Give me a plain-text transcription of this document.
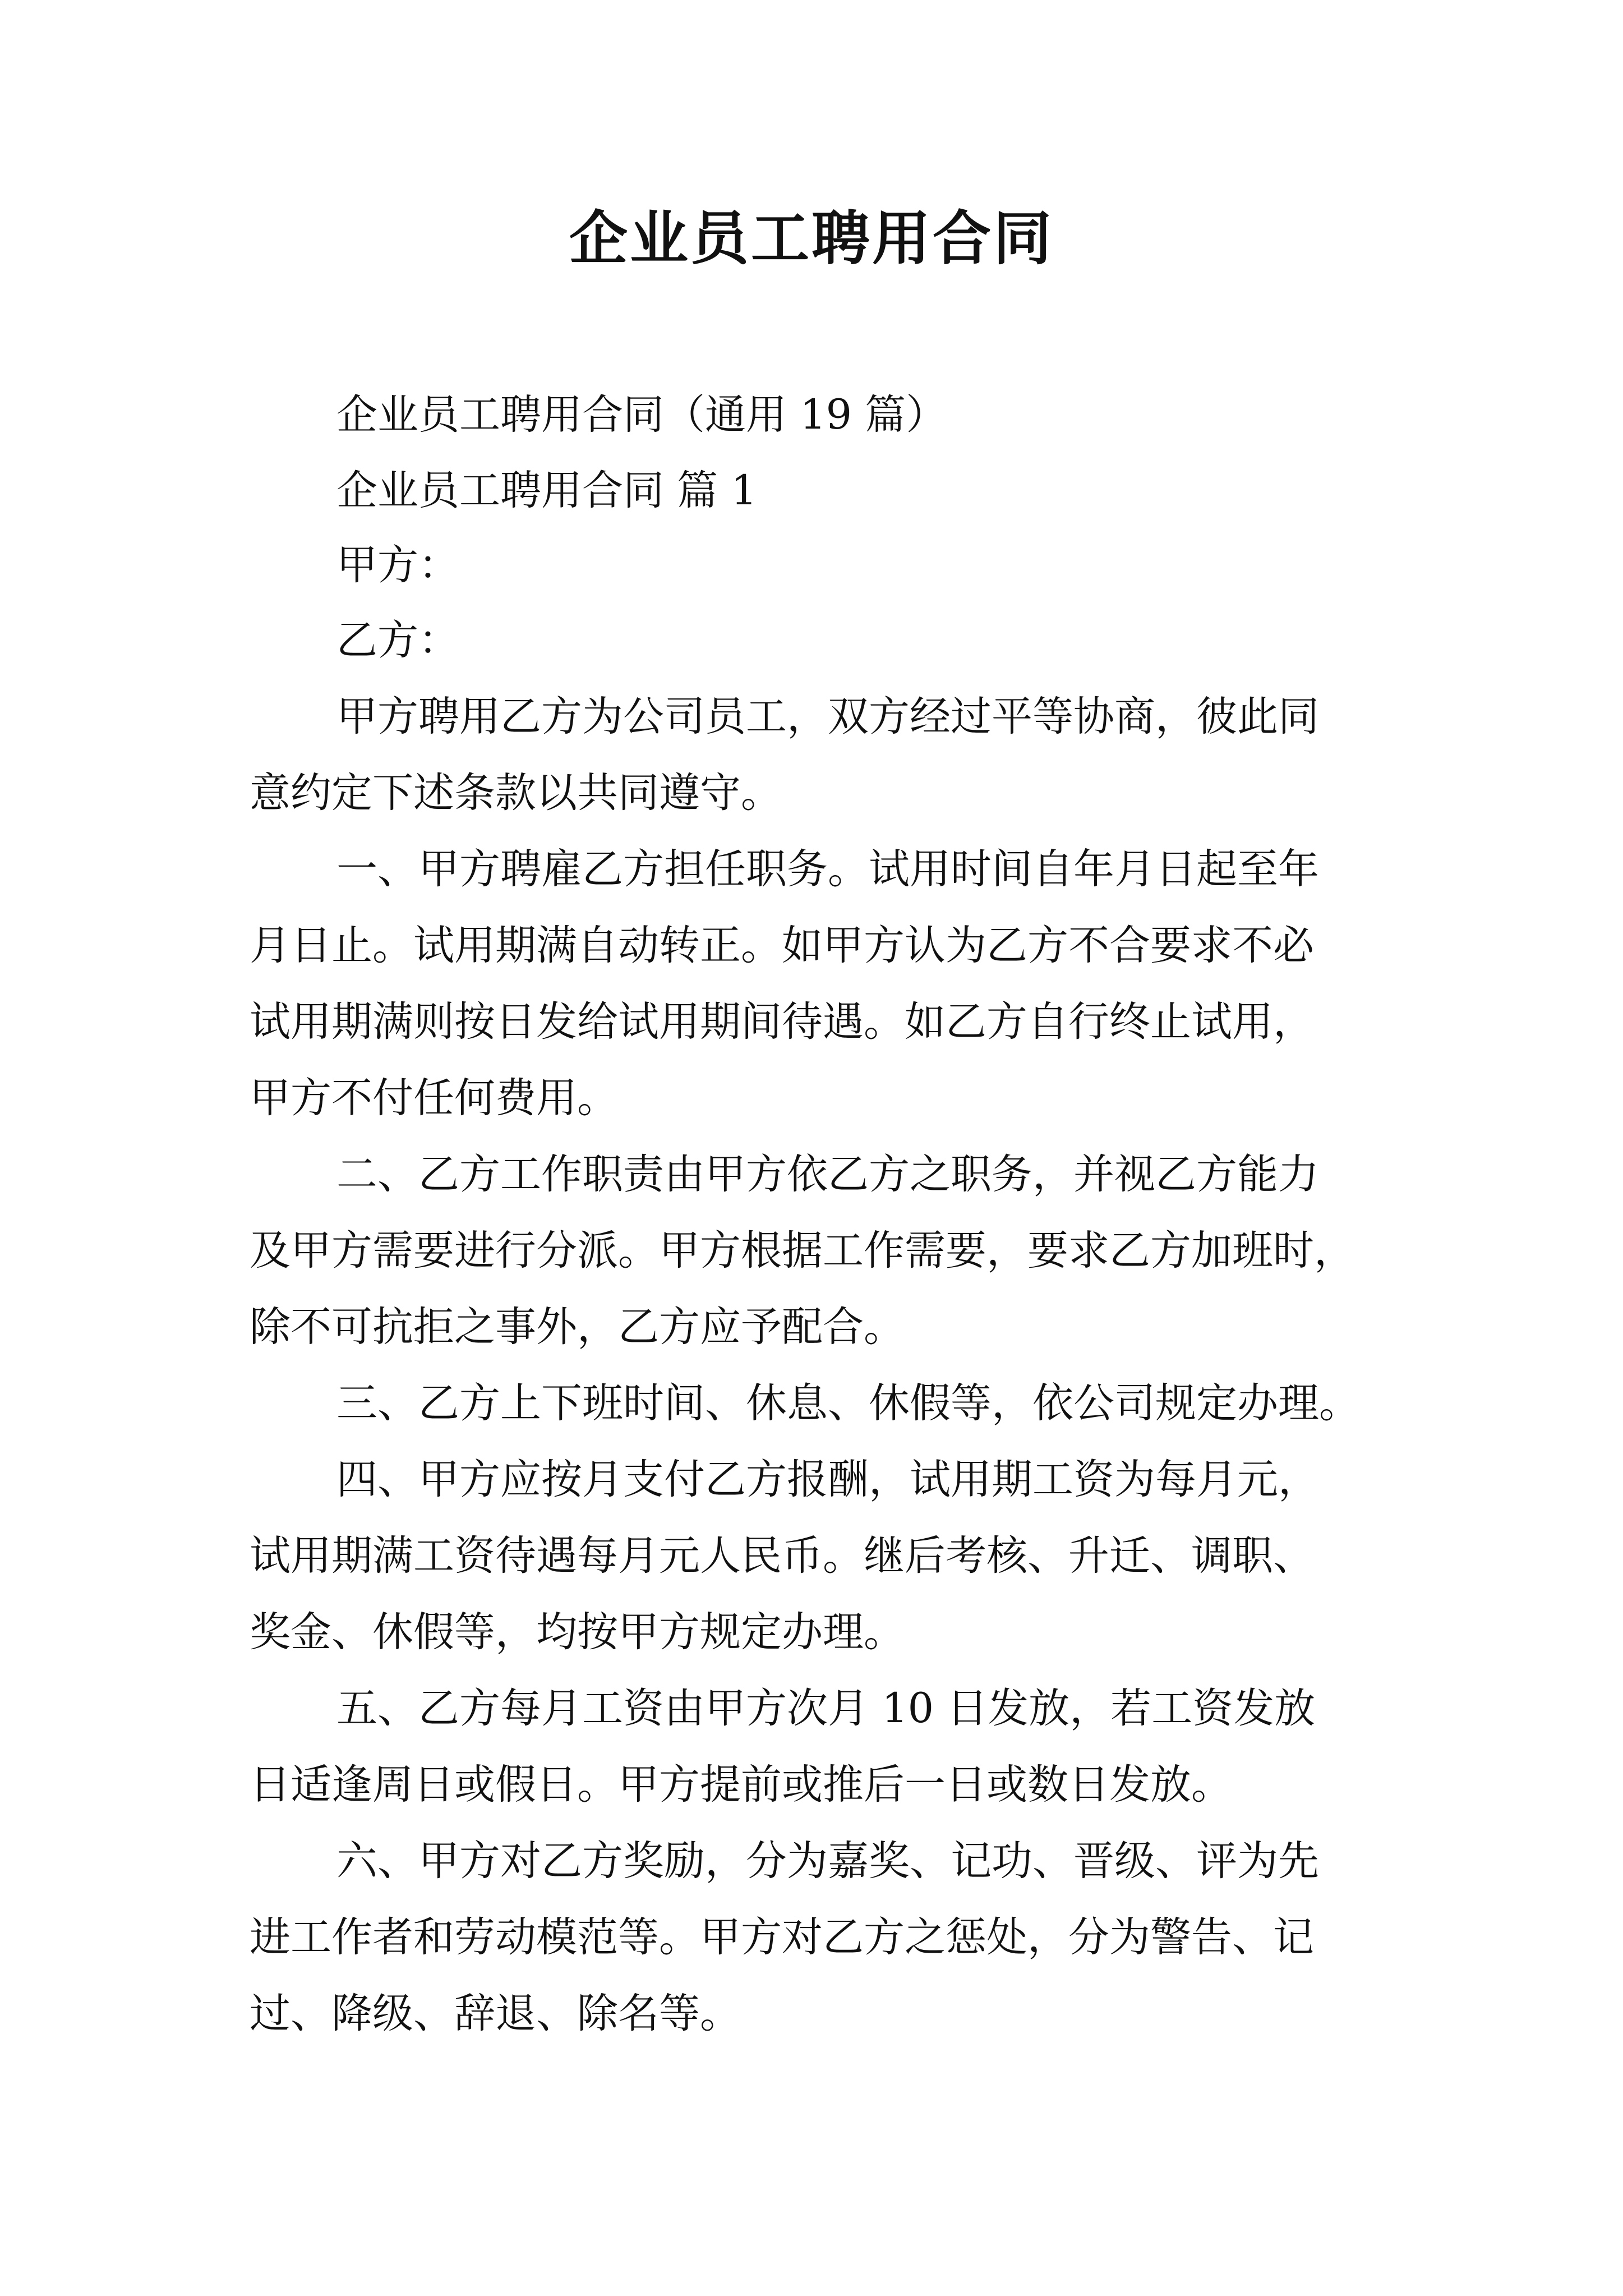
企业员工聘用合同

企业员工聘用合同（通用 19 篇）

企业员工聘用合同 篇 1

甲方：

乙方：

甲方聘用乙方为公司员工，双方经过平等协商，彼此同

意约定下述条款以共同遵守。

一、甲方聘雇乙方担任职务。试用时间自年月日起至年

月日止。试用期满自动转正。如甲方认为乙方不合要求不必

试用期满则按日发给试用期间待遇。如乙方自行终止试用，

甲方不付任何费用。

二、乙方工作职责由甲方依乙方之职务，并视乙方能力

及甲方需要进行分派。甲方根据工作需要，要求乙方加班时，

除不可抗拒之事外，乙方应予配合。

三、乙方上下班时间、休息、休假等，依公司规定办理。

四、甲方应按月支付乙方报酬，试用期工资为每月元，

试用期满工资待遇每月元人民币。继后考核、升迁、调职、

奖金、休假等，均按甲方规定办理。

五、乙方每月工资由甲方次月 10 日发放，若工资发放

日适逢周日或假日。甲方提前或推后一日或数日发放。

六、甲方对乙方奖励，分为嘉奖、记功、晋级、评为先

进工作者和劳动模范等。甲方对乙方之惩处，分为警告、记

过、降级、辞退、除名等。
